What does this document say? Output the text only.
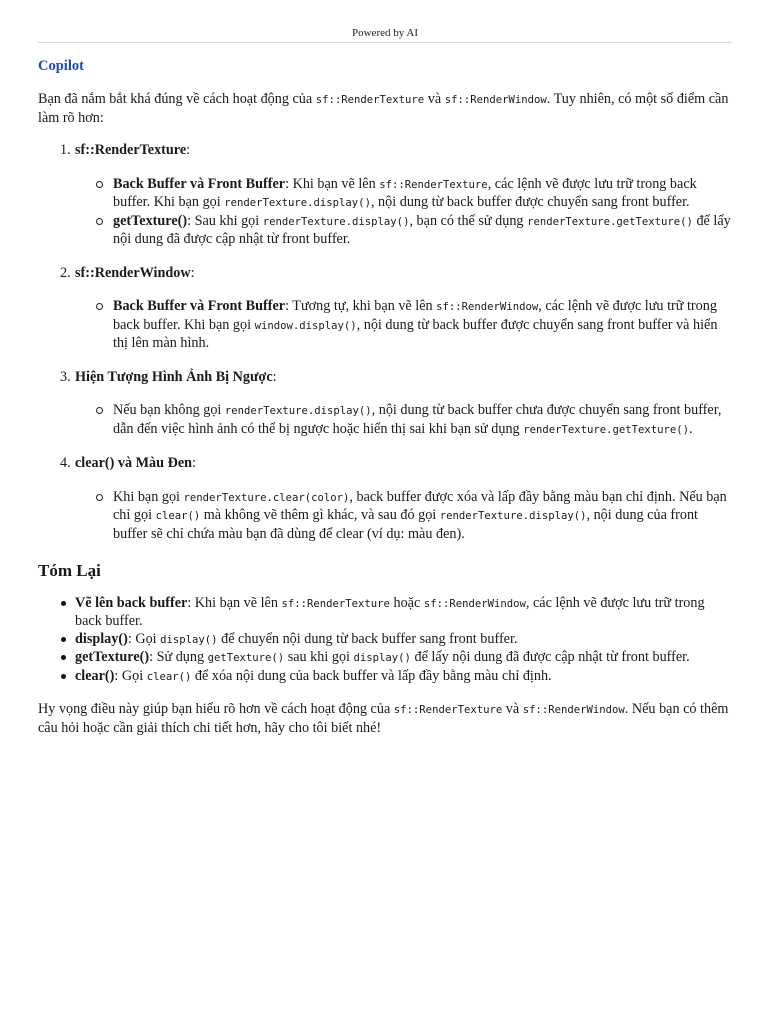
Powered by AI
Copilot

Bạn đã nắm bắt khá đúng về cách hoạt động của sf::RenderTexture và sf::RenderWindow. Tuy nhiên, có một số điểm cần làm rõ hơn:

1. sf::RenderTexture:
Back Buffer và Front Buffer: Khi bạn vẽ lên sf::RenderTexture, các lệnh vẽ được lưu trữ trong back buffer. Khi bạn gọi renderTexture.display(), nội dung từ back buffer được chuyển sang front buffer.
getTexture(): Sau khi gọi renderTexture.display(), bạn có thể sử dụng renderTexture.getTexture() để lấy nội dung đã được cập nhật từ front buffer.
2. sf::RenderWindow:
Back Buffer và Front Buffer: Tương tự, khi bạn vẽ lên sf::RenderWindow, các lệnh vẽ được lưu trữ trong back buffer. Khi bạn gọi window.display(), nội dung từ back buffer được chuyển sang front buffer và hiển thị lên màn hình.
3. Hiện Tượng Hình Ảnh Bị Ngược:
Nếu bạn không gọi renderTexture.display(), nội dung từ back buffer chưa được chuyển sang front buffer, dẫn đến việc hình ảnh có thể bị ngược hoặc hiển thị sai khi bạn sử dụng renderTexture.getTexture().
4. clear() và Màu Đen:
Khi bạn gọi renderTexture.clear(color), back buffer được xóa và lấp đầy bằng màu bạn chỉ định. Nếu bạn chỉ gọi clear() mà không vẽ thêm gì khác, và sau đó gọi renderTexture.display(), nội dung của front buffer sẽ chỉ chứa màu bạn đã dùng để clear (ví dụ: màu đen).
Tóm Lại
Vẽ lên back buffer: Khi bạn vẽ lên sf::RenderTexture hoặc sf::RenderWindow, các lệnh vẽ được lưu trữ trong back buffer.
display(): Gọi display() để chuyển nội dung từ back buffer sang front buffer.
getTexture(): Sử dụng getTexture() sau khi gọi display() để lấy nội dung đã được cập nhật từ front buffer.
clear(): Gọi clear() để xóa nội dung của back buffer và lấp đầy bằng màu chỉ định.

Hy vọng điều này giúp bạn hiểu rõ hơn về cách hoạt động của sf::RenderTexture và sf::RenderWindow. Nếu bạn có thêm câu hỏi hoặc cần giải thích chi tiết hơn, hãy cho tôi biết nhé!
